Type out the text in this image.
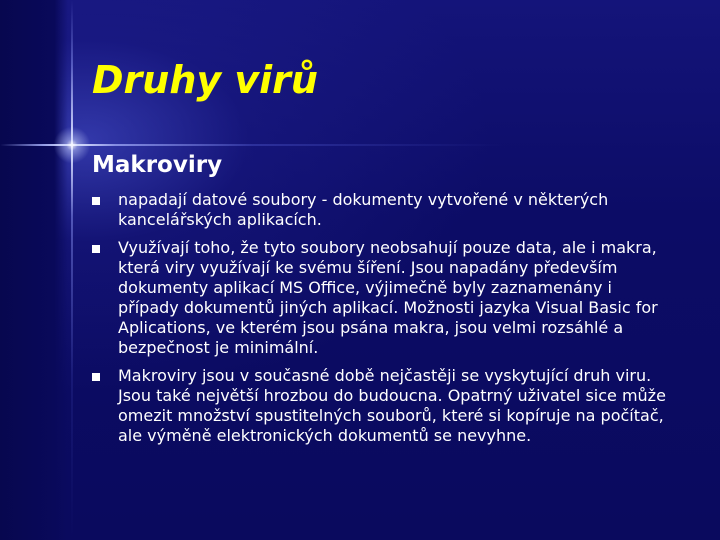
Druhy virů
Makroviry
napadají datové soubory - dokumenty vytvořené v některých kancelářských aplikacích.
Využívají toho, že tyto soubory neobsahují pouze data, ale i makra, která viry využívají ke svému šíření. Jsou napadány především dokumenty aplikací MS Office, výjimečně byly zaznamenány i případy dokumentů jiných aplikací. Možnosti jazyka Visual Basic for Aplications, ve kterém jsou psána makra, jsou velmi rozsáhlé a bezpečnost je minimální.
Makroviry jsou v současné době nejčastěji se vyskytující druh viru. Jsou také největší hrozbou do budoucna. Opatrný uživatel sice může omezit množství spustitelných souborů, které si kopíruje na počítač, ale výměně elektronických dokumentů se nevyhne.
